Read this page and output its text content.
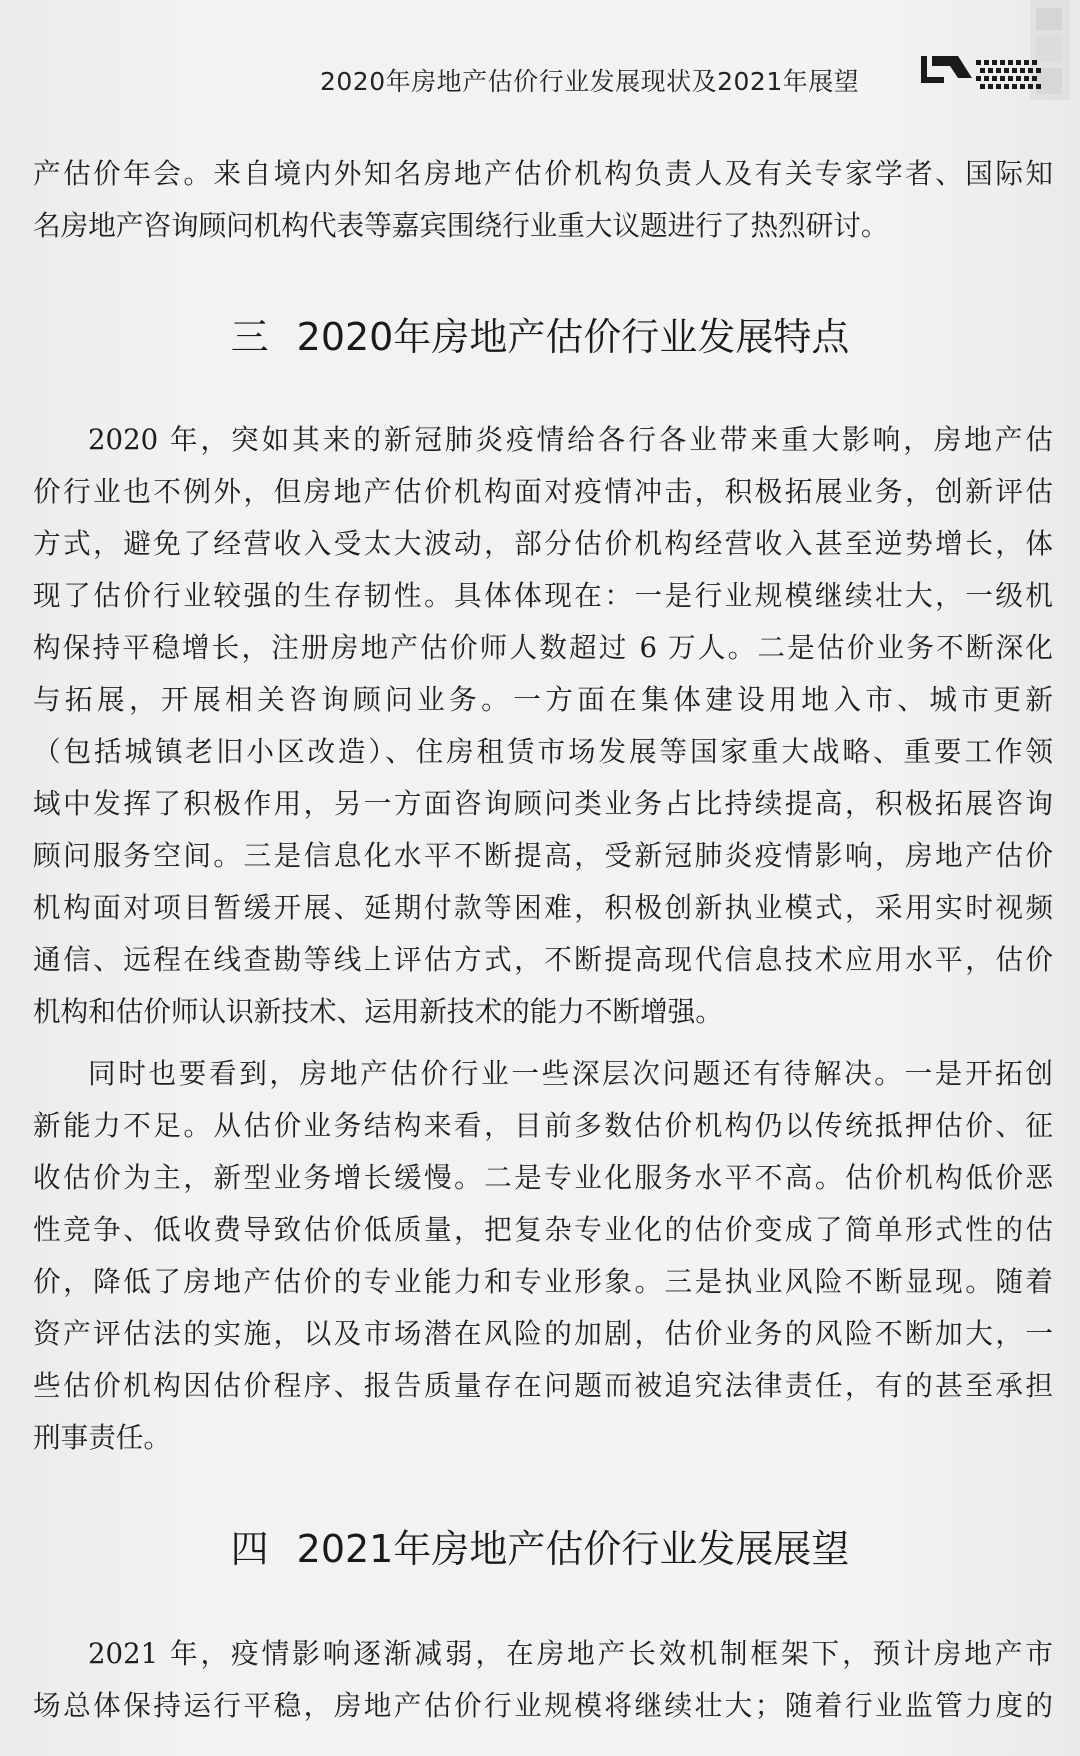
2020年房地产估价行业发展现状及2021年展望

产估价年会。来自境内外知名房地产估价机构负责人及有关专家学者、国际知

名房地产咨询顾问机构代表等嘉宾围绕行业重大议题进行了热烈研讨。

三 2020年房地产估价行业发展特点

2020 年，突如其来的新冠肺炎疫情给各行各业带来重大影响，房地产估

价行业也不例外，但房地产估价机构面对疫情冲击，积极拓展业务，创新评估

方式，避免了经营收入受太大波动，部分估价机构经营收入甚至逆势增长，体

现了估价行业较强的生存韧性。具体体现在：一是行业规模继续壮大，一级机

构保持平稳增长，注册房地产估价师人数超过 6 万人。二是估价业务不断深化

与拓展，开展相关咨询顾问业务。一方面在集体建设用地入市、城市更新

（包括城镇老旧小区改造）、住房租赁市场发展等国家重大战略、重要工作领

域中发挥了积极作用，另一方面咨询顾问类业务占比持续提高，积极拓展咨询

顾问服务空间。三是信息化水平不断提高，受新冠肺炎疫情影响，房地产估价

机构面对项目暂缓开展、延期付款等困难，积极创新执业模式，采用实时视频

通信、远程在线查勘等线上评估方式，不断提高现代信息技术应用水平，估价

机构和估价师认识新技术、运用新技术的能力不断增强。

同时也要看到，房地产估价行业一些深层次问题还有待解决。一是开拓创

新能力不足。从估价业务结构来看，目前多数估价机构仍以传统抵押估价、征

收估价为主，新型业务增长缓慢。二是专业化服务水平不高。估价机构低价恶

性竞争、低收费导致估价低质量，把复杂专业化的估价变成了简单形式性的估

价，降低了房地产估价的专业能力和专业形象。三是执业风险不断显现。随着

资产评估法的实施，以及市场潜在风险的加剧，估价业务的风险不断加大，一

些估价机构因估价程序、报告质量存在问题而被追究法律责任，有的甚至承担

刑事责任。

四 2021年房地产估价行业发展展望

2021 年，疫情影响逐渐减弱，在房地产长效机制框架下，预计房地产市

场总体保持运行平稳，房地产估价行业规模将继续壮大；随着行业监管力度的
